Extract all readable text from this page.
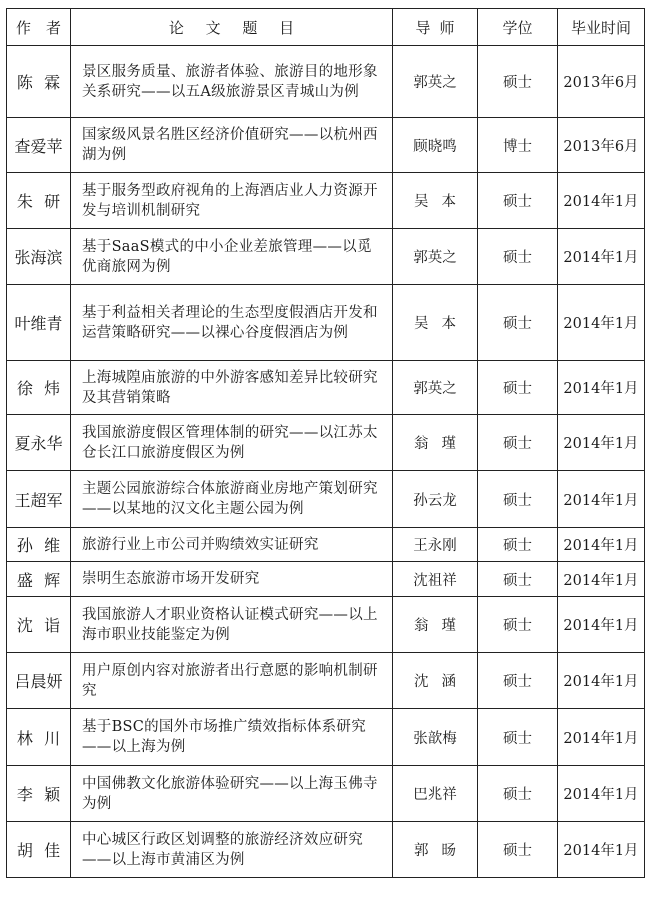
作者	论文题目	导师	学位	毕业时间
陈霖	景区服务质量、旅游者体验、旅游目的地形象关系研究——以五A级旅游景区青城山为例	郭英之	硕士	2013年6月
查爱苹	国家级风景名胜区经济价值研究——以杭州西湖为例	顾晓鸣	博士	2013年6月
朱研	基于服务型政府视角的上海酒店业人力资源开发与培训机制研究	吴本	硕士	2014年1月
张海滨	基于SaaS模式的中小企业差旅管理——以觅优商旅网为例	郭英之	硕士	2014年1月
叶维青	基于利益相关者理论的生态型度假酒店开发和运营策略研究——以裸心谷度假酒店为例	吴本	硕士	2014年1月
徐炜	上海城隍庙旅游的中外游客感知差异比较研究及其营销策略	郭英之	硕士	2014年1月
夏永华	我国旅游度假区管理体制的研究——以江苏太仓长江口旅游度假区为例	翁瑾	硕士	2014年1月
王超军	主题公园旅游综合体旅游商业房地产策划研究——以某地的汉文化主题公园为例	孙云龙	硕士	2014年1月
孙维	旅游行业上市公司并购绩效实证研究	王永刚	硕士	2014年1月
盛辉	崇明生态旅游市场开发研究	沈祖祥	硕士	2014年1月
沈诣	我国旅游人才职业资格认证模式研究——以上海市职业技能鉴定为例	翁瑾	硕士	2014年1月
吕晨妍	用户原创内容对旅游者出行意愿的影响机制研究	沈涵	硕士	2014年1月
林川	基于BSC的国外市场推广绩效指标体系研究——以上海为例	张歆梅	硕士	2014年1月
李颖	中国佛教文化旅游体验研究——以上海玉佛寺为例	巴兆祥	硕士	2014年1月
胡佳	中心城区行政区划调整的旅游经济效应研究——以上海市黄浦区为例	郭旸	硕士	2014年1月
